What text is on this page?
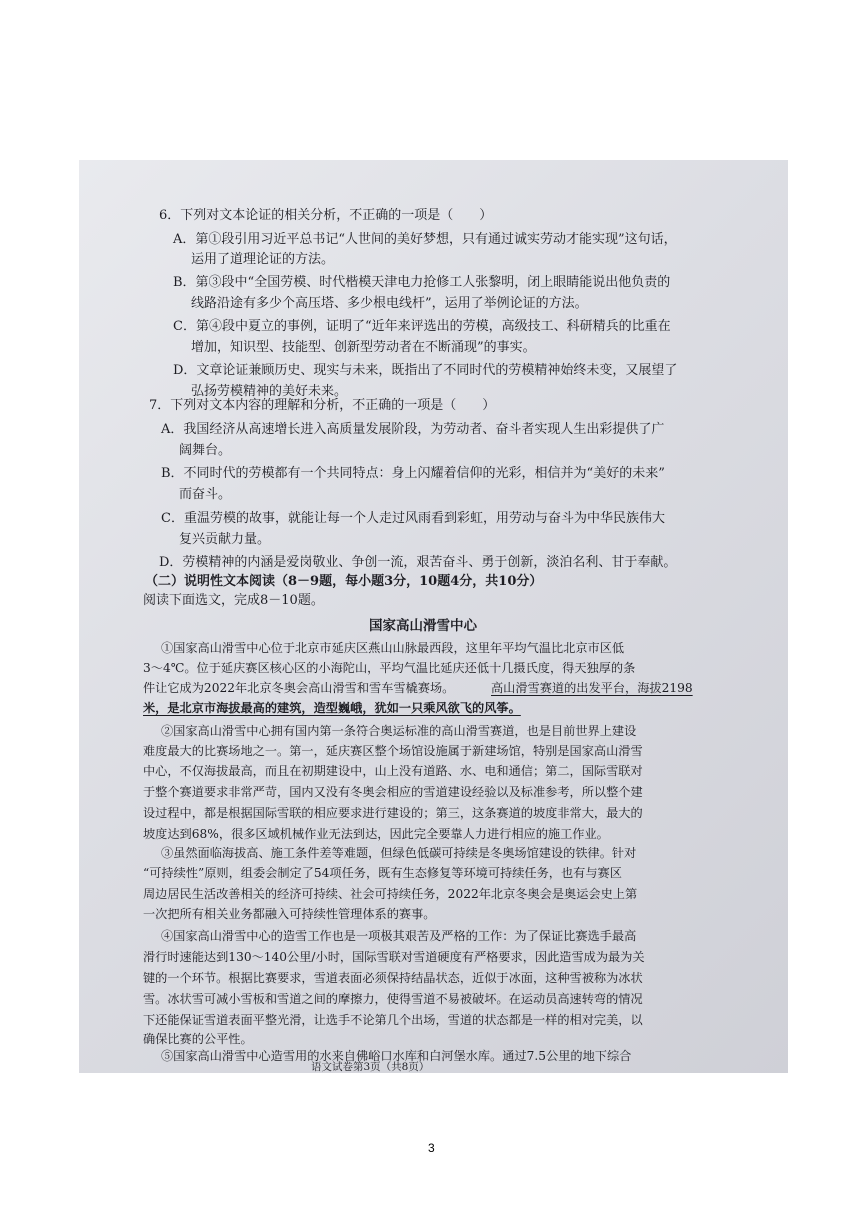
6．下列对文本论证的相关分析，不正确的一项是（　　）
A．第①段引用习近平总书记“人世间的美好梦想，只有通过诚实劳动才能实现”这句话，
运用了道理论证的方法。
B．第③段中“全国劳模、时代楷模天津电力抢修工人张黎明，闭上眼睛能说出他负责的
线路沿途有多少个高压塔、多少根电线杆”，运用了举例论证的方法。
C．第④段中夏立的事例，证明了“近年来评选出的劳模，高级技工、科研精兵的比重在
增加，知识型、技能型、创新型劳动者在不断涌现”的事实。
D．文章论证兼顾历史、现实与未来，既指出了不同时代的劳模精神始终未变，又展望了
弘扬劳模精神的美好未来。
7．下列对文本内容的理解和分析，不正确的一项是（　　）
A．我国经济从高速增长进入高质量发展阶段，为劳动者、奋斗者实现人生出彩提供了广
阔舞台。
B．不同时代的劳模都有一个共同特点：身上闪耀着信仰的光彩，相信并为“美好的未来”
而奋斗。
C．重温劳模的故事，就能让每一个人走过风雨看到彩虹，用劳动与奋斗为中华民族伟大
复兴贡献力量。
D．劳模精神的内涵是爱岗敬业、争创一流，艰苦奋斗、勇于创新，淡泊名利、甘于奉献。
（二）说明性文本阅读（8－9题，每小题3分，10题4分，共10分）
阅读下面选文，完成8－10题。
国家高山滑雪中心
①国家高山滑雪中心位于北京市延庆区燕山山脉最西段，这里年平均气温比北京市区低
3～4℃。位于延庆赛区核心区的小海陀山，平均气温比延庆还低十几摄氏度，得天独厚的条
件让它成为2022年北京冬奥会高山滑雪和雪车雪橇赛场。	高山滑雪赛道的出发平台，海拔2198
米，是北京市海拔最高的建筑，造型巍峨，犹如一只乘风欲飞的风筝。
②国家高山滑雪中心拥有国内第一条符合奥运标准的高山滑雪赛道，也是目前世界上建设
难度最大的比赛场地之一。第一，延庆赛区整个场馆设施属于新建场馆，特别是国家高山滑雪
中心，不仅海拔最高，而且在初期建设中，山上没有道路、水、电和通信；第二，国际雪联对
于整个赛道要求非常严苛，国内又没有冬奥会相应的雪道建设经验以及标准参考，所以整个建
设过程中，都是根据国际雪联的相应要求进行建设的；第三，这条赛道的坡度非常大，最大的
坡度达到68%，很多区域机械作业无法到达，因此完全要靠人力进行相应的施工作业。
③虽然面临海拔高、施工条件差等难题，但绿色低碳可持续是冬奥场馆建设的铁律。针对
“可持续性”原则，组委会制定了54项任务，既有生态修复等环境可持续任务，也有与赛区
周边居民生活改善相关的经济可持续、社会可持续任务，2022年北京冬奥会是奥运会史上第
一次把所有相关业务都融入可持续性管理体系的赛事。
④国家高山滑雪中心的造雪工作也是一项极其艰苦及严格的工作：为了保证比赛选手最高
滑行时速能达到130～140公里/小时，国际雪联对雪道硬度有严格要求，因此造雪成为最为关
键的一个环节。根据比赛要求，雪道表面必须保持结晶状态，近似于冰面，这种雪被称为冰状
雪。冰状雪可减小雪板和雪道之间的摩擦力，使得雪道不易被破坏。在运动员高速转弯的情况
下还能保证雪道表面平整光滑，让选手不论第几个出场，雪道的状态都是一样的相对完美，以
确保比赛的公平性。
⑤国家高山滑雪中心造雪用的水来自佛峪口水库和白河堡水库。通过7.5公里的地下综合
语文试卷第3页（共8页）
3
